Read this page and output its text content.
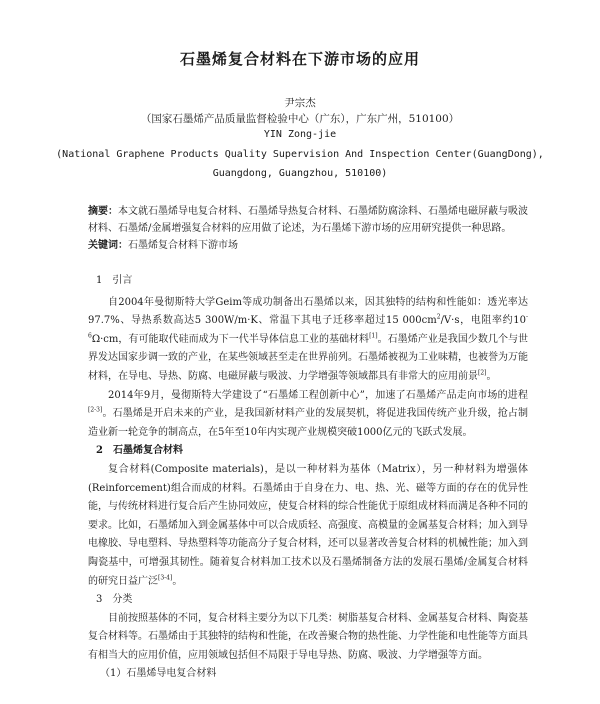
石墨烯复合材料在下游市场的应用
尹宗杰
（国家石墨烯产品质量监督检验中心（广东），广东广州，510100）
YIN Zong-jie
(National Graphene Products Quality Supervision And Inspection Center(GuangDong),
Guangdong, Guangzhou, 510100)

摘要：本文就石墨烯导电复合材料、石墨烯导热复合材料、石墨烯防腐涂料、石墨烯电磁屏蔽与吸波材料、石墨烯/金属增强复合材料的应用做了论述，为石墨烯下游市场的应用研究提供一种思路。

关键词：石墨烯复合材料下游市场

1　引言

自2004年曼彻斯特大学Geim等成功制备出石墨烯以来，因其独特的结构和性能如：透光率达97.7%、导热系数高达5 300W/m·K、常温下其电子迁移率超过15 $000cm^2/V\cdot s$，电阻率约$10^{-6}\Omega\cdot cm$，有可能取代硅而成为下一代半导体信息工业的基础材料[1]。石墨烯产业是我国少数几个与世界发达国家步调一致的产业，在某些领域甚至走在世界前列。石墨烯被视为工业味精，也被誉为万能材料，在导电、导热、防腐、电磁屏蔽与吸波、力学增强等领域都具有非常大的应用前景[2]。

2014年9月，曼彻斯特大学建设了“石墨烯工程创新中心”，加速了石墨烯产品走向市场的进程[2-3]。石墨烯是开启未来的产业，是我国新材料产业的发展契机，将促进我国传统产业升级，抢占制造业新一轮竞争的制高点，在5年至10年内实现产业规模突破1000亿元的飞跃式发展。

2　石墨烯复合材料

复合材料(Composite materials)，是以一种材料为基体（Matrix），另一种材料为增强体(Reinforcement)组合而成的材料。石墨烯由于自身在力、电、热、光、磁等方面的存在的优异性能，与传统材料进行复合后产生协同效应，使复合材料的综合性能优于原组成材料而满足各种不同的要求。比如，石墨烯加入到金属基体中可以合成质轻、高强度、高模量的金属基复合材料；加入到导电橡胶、导电塑料、导热塑料等功能高分子复合材料，还可以显著改善复合材料的机械性能；加入到陶瓷基中，可增强其韧性。随着复合材料加工技术以及石墨烯制备方法的发展石墨烯/金属复合材料的研究日益广泛[3-4]。

3　分类

目前按照基体的不同，复合材料主要分为以下几类：树脂基复合材料、金属基复合材料、陶瓷基复合材料等。石墨烯由于其独特的结构和性能，在改善聚合物的热性能、力学性能和电性能等方面具有相当大的应用价值，应用领域包括但不局限于导电导热、防腐、吸波、力学增强等方面。

（1）石墨烯导电复合材料
